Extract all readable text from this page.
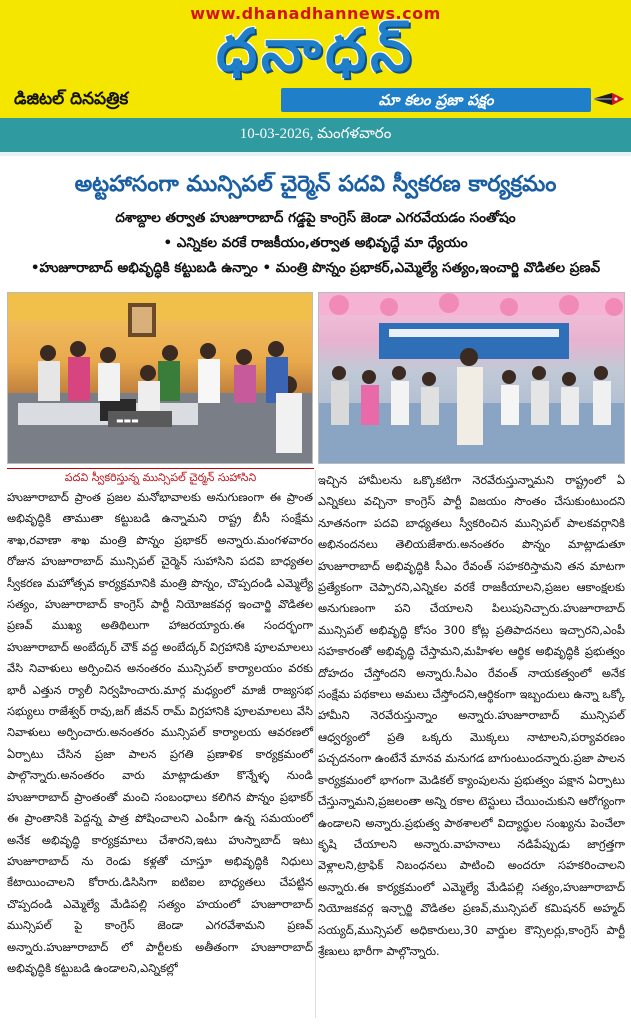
www.dhanadhannews.com
ధనాధన్
డిజిటల్ దినపత్రిక	మా కలం ప్రజా పక్షం
10-03-2026, మంగళవారం
అట్టహాసంగా మున్సిపల్ చైర్మెన్ పదవి స్వీకరణ కార్యక్రమం
దశాబ్దాల తర్వాత హుజూరాబాద్ గడ్డపై కాంగ్రెస్ జెండా ఎగరవేయడం సంతోషం • ఎన్నికల వరకే రాజకీయం,తర్వాత అభివృద్ధే మా ధ్యేయం
•హుజూరాబాద్ అభివృద్ధికి కట్టుబడి ఉన్నాం • మంత్రి పొన్నం ప్రభాకర్,ఎమ్మెల్యే సత్యం,ఇంచార్జి వొడితల ప్రణవ్
▬▬▬
పదవి స్వీకరిస్తున్న మున్సిపల్ చైర్మన్ సుహాసిని
హుజూరాబాద్ ప్రాంత ప్రజల మనోభావాలకు అనుగుణంగా ఈ ప్రాంత అభివృద్ధికి తాముతా కట్టుబడి ఉన్నామని రాష్ట్ర బీసీ సంక్షేమ శాఖ,రవాణా శాఖ మంత్రి పొన్నం ప్రభాకర్ అన్నారు.మంగళవారం రోజున హుజూరాబాద్ మున్సిపల్ చైర్మెన్ సుహాసిని పదవి బాధ్యతల స్వీకరణ మహోత్సవ కార్యక్రమానికి మంత్రి పొన్నం, చొప్పదండి ఎమ్మెల్యే సత్యం, హుజూరాబాద్ కాంగ్రెస్ పార్టీ నియోజకవర్గ ఇంచార్జి వొడితల ప్రణవ్ ముఖ్య అతిథిలుగా హాజరయ్యారు.ఈ సందర్భంగా హుజూరాబాద్ అంబేద్కర్ చౌక్ వద్ద అంబేద్కర్ విగ్రహానికి పూలమాలలు వేసి నివాళులు అర్పించిన అనంతరం మున్సిపల్ కార్యాలయం వరకు భారీ ఎత్తున ర్యాలీ నిర్వహించారు.మార్గ మధ్యంలో మాజీ రాజ్యసభ సభ్యులు రాజేశ్వర్ రావు,జగ్ జీవన్ రామ్ విగ్రహానికి పూలమాలలు వేసి నివాళులు అర్పించారు.అనంతరం మున్సిపల్ కార్యాలయ ఆవరణలో ఏర్పాటు చేసిన ప్రజా పాలన ప్రగతి ప్రణాళిక కార్యక్రమంలో పాల్గొన్నారు.అనంతరం వారు మాట్లాడుతూ కొన్నేళ్ళ నుండి హుజూరాబాద్ ప్రాంతంతో మంచి సంబంధాలు కలిగిన పొన్నం ప్రభాకర్ ఈ ప్రాంతానికి పెద్దన్న పాత్ర పోషించాలని ఎంపీగా ఉన్న సమయంలో అనేక అభివృద్ధి కార్యక్రమాలు చేశారని,ఇటు హుస్నాబాద్ ఇటు హుజూరాబాద్ ను రెండు కళ్లతో చూస్తూ అభివృద్ధికి నిధులు కేటాయించాలని కోరారు.డిసిసిగా ఐటిఐల బాధ్యతలు చేపట్టిన చొప్పదండి ఎమ్మెల్యే మేడిపల్లి సత్యం హయంలో హుజూరాబాద్ మున్సిపల్ పై కాంగ్రెస్ జెండా ఎగరవేశామని ప్రణవ్ అన్నారు.హుజూరాబాద్ లో పార్టీలకు అతీతంగా హుజూరాబాద్ అభివృద్ధికి కట్టుబడి ఉండాలని,ఎన్నికల్లో
ఇచ్చిన హామీలను ఒక్కొకటిగా నెరవేరుస్తున్నామని రాష్ట్రంలో ఏ ఎన్నికలు వచ్చినా కాంగ్రెస్ పార్టీ విజయం సొంతం చేసుకుంటుందని నూతనంగా పదవి బాధ్యతలు స్వీకరించిన మున్సిపల్ పాలకవర్గానికి అభినందనలు తెలియజేశారు.అనంతరం పొన్నం మాట్లాడుతూ హుజూరాబాద్ అభివృద్ధికి సీఎం రేవంత్ సహకరిస్తామని తన మాటగా ప్రత్యేకంగా చెప్పారని,ఎన్నికల వరకే రాజకీయాలని,ప్రజల ఆకాంక్షలకు అనుగుణంగా పని చేయాలని పిలుపునిచ్చారు.హుజూరాబాద్ మున్సిపల్ అభివృద్ధి కోసం 300 కోట్ల ప్రతిపాదనలు ఇచ్చారని,ఎంపీ సహకారంతో అభివృద్ధి చేస్తామని,మహిళల ఆర్థిక అభివృద్ధికి ప్రభుత్వం దోహదం చేస్తోందని అన్నారు.సీఎం రేవంత్ నాయకత్వంలో అనేక సంక్షేమ పథకాలు అమలు చేస్తోందని,ఆర్థికంగా ఇబ్బందులు ఉన్నా ఒక్కో హామీని నెరవేరుస్తున్నాం అన్నారు.హుజూరాబాద్ మున్సిపల్ ఆధ్వర్యంలో ప్రతి ఒక్కరు మొక్కలు నాటాలని,పర్యావరణం పచ్చదనంగా ఉంటేనే మానవ మనుగడ బాగుంటుందన్నారు.ప్రజా పాలన కార్యక్రమంలో భాగంగా మెడికల్ క్యాంపులను ప్రభుత్వం పక్షాన ఏర్పాటు చేస్తున్నామని,ప్రజలంతా అన్ని రకాల టెస్టులు చేయించుకుని ఆరోగ్యంగా ఉండాలని అన్నారు.ప్రభుత్వ పాఠశాలలో విద్యార్థుల సంఖ్యను పెంచేలా కృషి చేయాలని అన్నారు.వాహనాలు నడిపేప్పుడు జాగ్రత్తగా వెళ్లాలని,ట్రాఫిక్ నిబంధనలు పాటించి అందరూ సహకరించాలని అన్నారు.ఈ కార్యక్రమంలో ఎమ్మెల్యే మేడిపల్లి సత్యం,హుజూరాబాద్ నియోజకవర్గ ఇన్చార్జి వొడితల ప్రణవ్,మున్సిపల్ కమిషనర్ అహ్మద్ సయ్యద్,మున్సిపల్ అధికారులు,30 వార్డుల కౌన్సిలర్లు,కాంగ్రెస్ పార్టీ శ్రేణులు భారీగా పాల్గొన్నారు.
